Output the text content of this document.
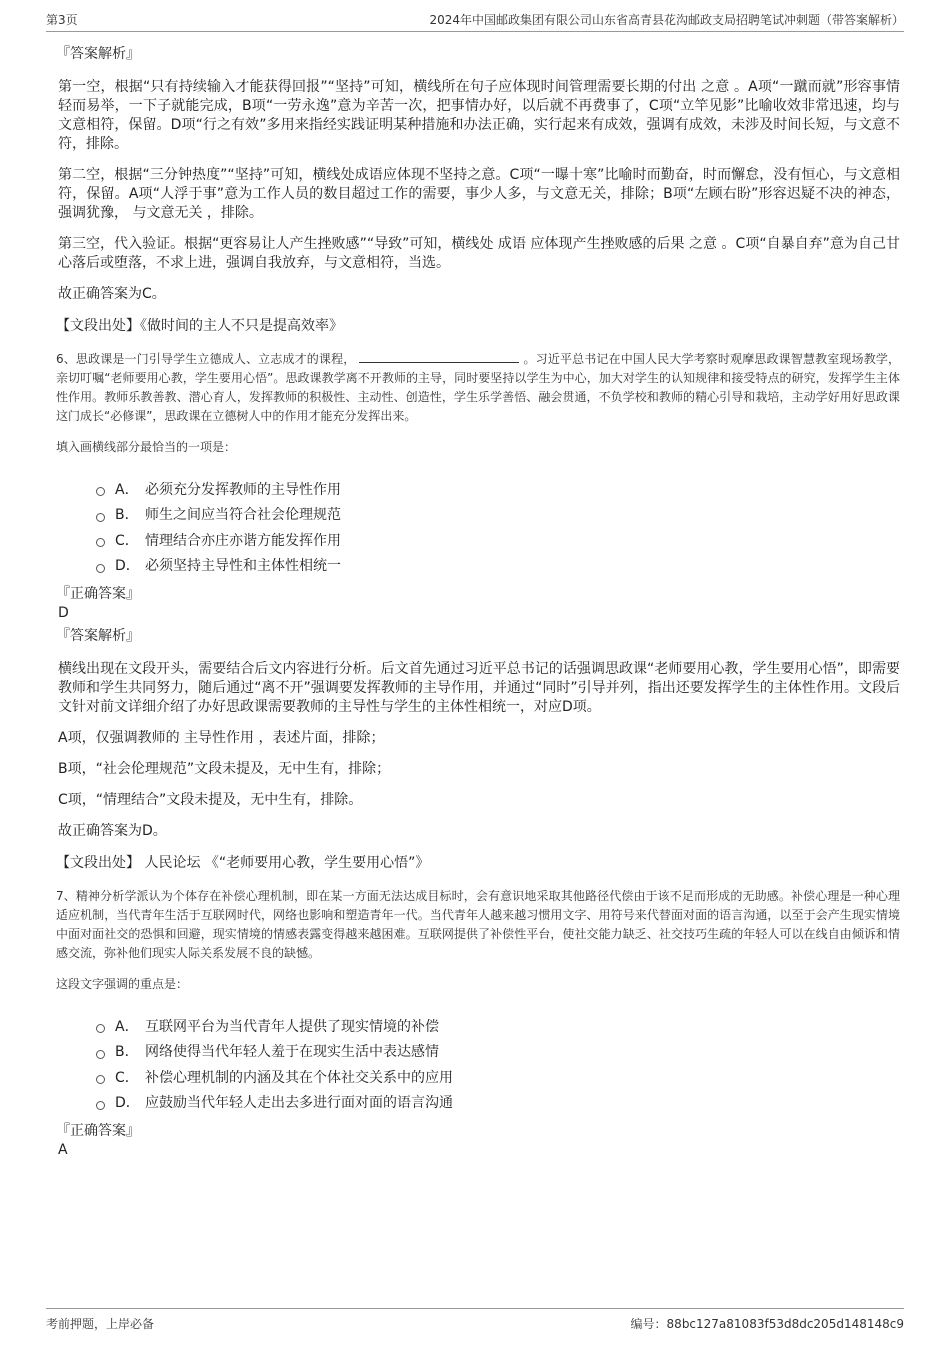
第3页	2024年中国邮政集团有限公司山东省高青县花沟邮政支局招聘笔试冲刺题（带答案解析）
『答案解析』

第一空，根据“只有持续输入才能获得回报”“坚持”可知，横线所在句子应体现时间管理需要长期的付出 之意 。A项“一蹴而就”形容事情轻而易举，一下子就能完成，B项“一劳永逸”意为辛苦一次，把事情办好，以后就不再费事了，C项“立竿见影”比喻收效非常迅速，均与文意相符，保留。D项“行之有效”多用来指经实践证明某种措施和办法正确，实行起来有成效，强调有成效，未涉及时间长短，与文意不符，排除。

第二空，根据“三分钟热度”“坚持”可知，横线处成语应体现不坚持之意。C项“一曝十寒”比喻时而勤奋，时而懈怠，没有恒心，与文意相符，保留。A项“人浮于事”意为工作人员的数目超过工作的需要，事少人多，与文意无关，排除；B项“左顾右盼”形容迟疑不决的神态，强调犹豫， 与文意无关 ，排除。

第三空，代入验证。根据“更容易让人产生挫败感”“导致”可知，横线处 成语 应体现产生挫败感的后果 之意 。C项“自暴自弃”意为自己甘心落后或堕落，不求上进，强调自我放弃，与文意相符，当选。

故正确答案为C。

【文段出处】《做时间的主人不只是提高效率》
6、思政课是一门引导学生立德成人、立志成才的课程，	。习近平总书记在中国人民大学考察时观摩思政课智慧教室现场教学，亲切叮嘱“老师要用心教，学生要用心悟”。思政课教学离不开教师的主导，同时要坚持以学生为中心，加大对学生的认知规律和接受特点的研究，发挥学生主体性作用。教师乐教善教、潜心育人，发挥教师的积极性、主动性、创造性，学生乐学善悟、融会贯通，不负学校和教师的精心引导和栽培，主动学好用好思政课这门成长“必修课”，思政课在立德树人中的作用才能充分发挥出来。
填入画横线部分最恰当的一项是：
A． 必须充分发挥教师的主导性作用
B． 师生之间应当符合社会伦理规范
C． 情理结合亦庄亦谐方能发挥作用
D． 必须坚持主导性和主体性相统一
『正确答案』
D
『答案解析』

横线出现在文段开头，需要结合后文内容进行分析。后文首先通过习近平总书记的话强调思政课“老师要用心教，学生要用心悟”，即需要教师和学生共同努力，随后通过“离不开”强调要发挥教师的主导作用，并通过“同时”引导并列，指出还要发挥学生的主体性作用。文段后文针对前文详细介绍了办好思政课需要教师的主导性与学生的主体性相统一，对应D项。

A项，仅强调教师的 主导性作用 ，表述片面，排除；

B项，“社会伦理规范”文段未提及，无中生有，排除；

C项，“情理结合”文段未提及，无中生有，排除。

故正确答案为D。

【文段出处】 人民论坛 《“老师要用心教，学生要用心悟”》
7、精神分析学派认为个体存在补偿心理机制，即在某一方面无法达成目标时，会有意识地采取其他路径代偿由于该不足而形成的无助感。补偿心理是一种心理适应机制，当代青年生活于互联网时代，网络也影响和塑造青年一代。当代青年人越来越习惯用文字、用符号来代替面对面的语言沟通，以至于会产生现实情境中面对面社交的恐惧和回避，现实情境的情感表露变得越来越困难。互联网提供了补偿性平台，使社交能力缺乏、社交技巧生疏的年轻人可以在线自由倾诉和情感交流，弥补他们现实人际关系发展不良的缺憾。
这段文字强调的重点是：
A． 互联网平台为当代青年人提供了现实情境的补偿
B． 网络使得当代年轻人羞于在现实生活中表达感情
C． 补偿心理机制的内涵及其在个体社交关系中的应用
D． 应鼓励当代年轻人走出去多进行面对面的语言沟通
『正确答案』
A
考前押题，上岸必备	编号：88bc127a81083f53d8dc205d148148c9
